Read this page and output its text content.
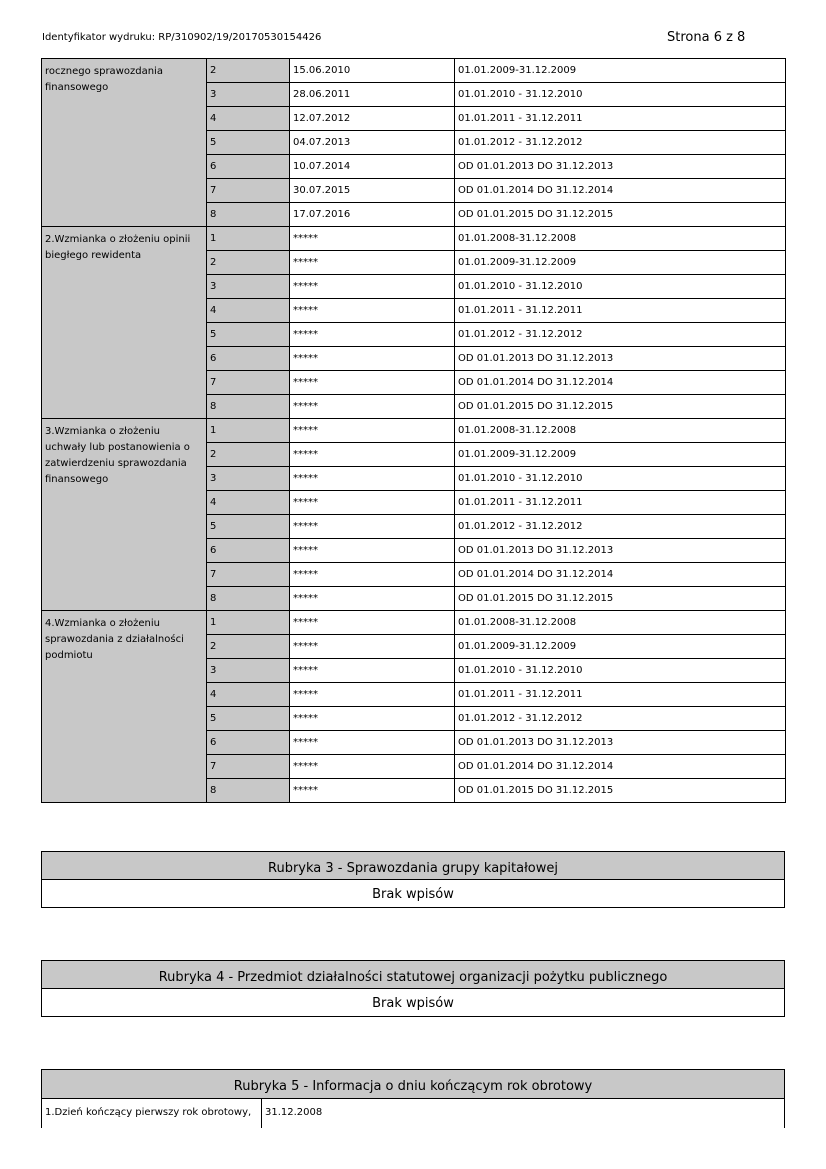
Identyfikator wydruku: RP/310902/19/20170530154426	Strona 6 z 8
rocznego sprawozdania finansowego	2	15.06.2010	01.01.2009-31.12.2009
	3	28.06.2011	01.01.2010 - 31.12.2010
	4	12.07.2012	01.01.2011 - 31.12.2011
	5	04.07.2013	01.01.2012 - 31.12.2012
	6	10.07.2014	OD 01.01.2013 DO 31.12.2013
	7	30.07.2015	OD 01.01.2014 DO 31.12.2014
	8	17.07.2016	OD 01.01.2015 DO 31.12.2015
2.Wzmianka o złożeniu opinii biegłego rewidenta	1	*****	01.01.2008-31.12.2008
	2	*****	01.01.2009-31.12.2009
	3	*****	01.01.2010 - 31.12.2010
	4	*****	01.01.2011 - 31.12.2011
	5	*****	01.01.2012 - 31.12.2012
	6	*****	OD 01.01.2013 DO 31.12.2013
	7	*****	OD 01.01.2014 DO 31.12.2014
	8	*****	OD 01.01.2015 DO 31.12.2015
3.Wzmianka o złożeniu uchwały lub postanowienia o zatwierdzeniu sprawozdania finansowego	1	*****	01.01.2008-31.12.2008
	2	*****	01.01.2009-31.12.2009
	3	*****	01.01.2010 - 31.12.2010
	4	*****	01.01.2011 - 31.12.2011
	5	*****	01.01.2012 - 31.12.2012
	6	*****	OD 01.01.2013 DO 31.12.2013
	7	*****	OD 01.01.2014 DO 31.12.2014
	8	*****	OD 01.01.2015 DO 31.12.2015
4.Wzmianka o złożeniu sprawozdania z działalności podmiotu	1	*****	01.01.2008-31.12.2008
	2	*****	01.01.2009-31.12.2009
	3	*****	01.01.2010 - 31.12.2010
	4	*****	01.01.2011 - 31.12.2011
	5	*****	01.01.2012 - 31.12.2012
	6	*****	OD 01.01.2013 DO 31.12.2013
	7	*****	OD 01.01.2014 DO 31.12.2014
	8	*****	OD 01.01.2015 DO 31.12.2015
Rubryka 3 - Sprawozdania grupy kapitałowej
Brak wpisów
Rubryka 4 - Przedmiot działalności statutowej organizacji pożytku publicznego
Brak wpisów
Rubryka 5 - Informacja o dniu kończącym rok obrotowy
1.Dzień kończący pierwszy rok obrotowy,	31.12.2008
